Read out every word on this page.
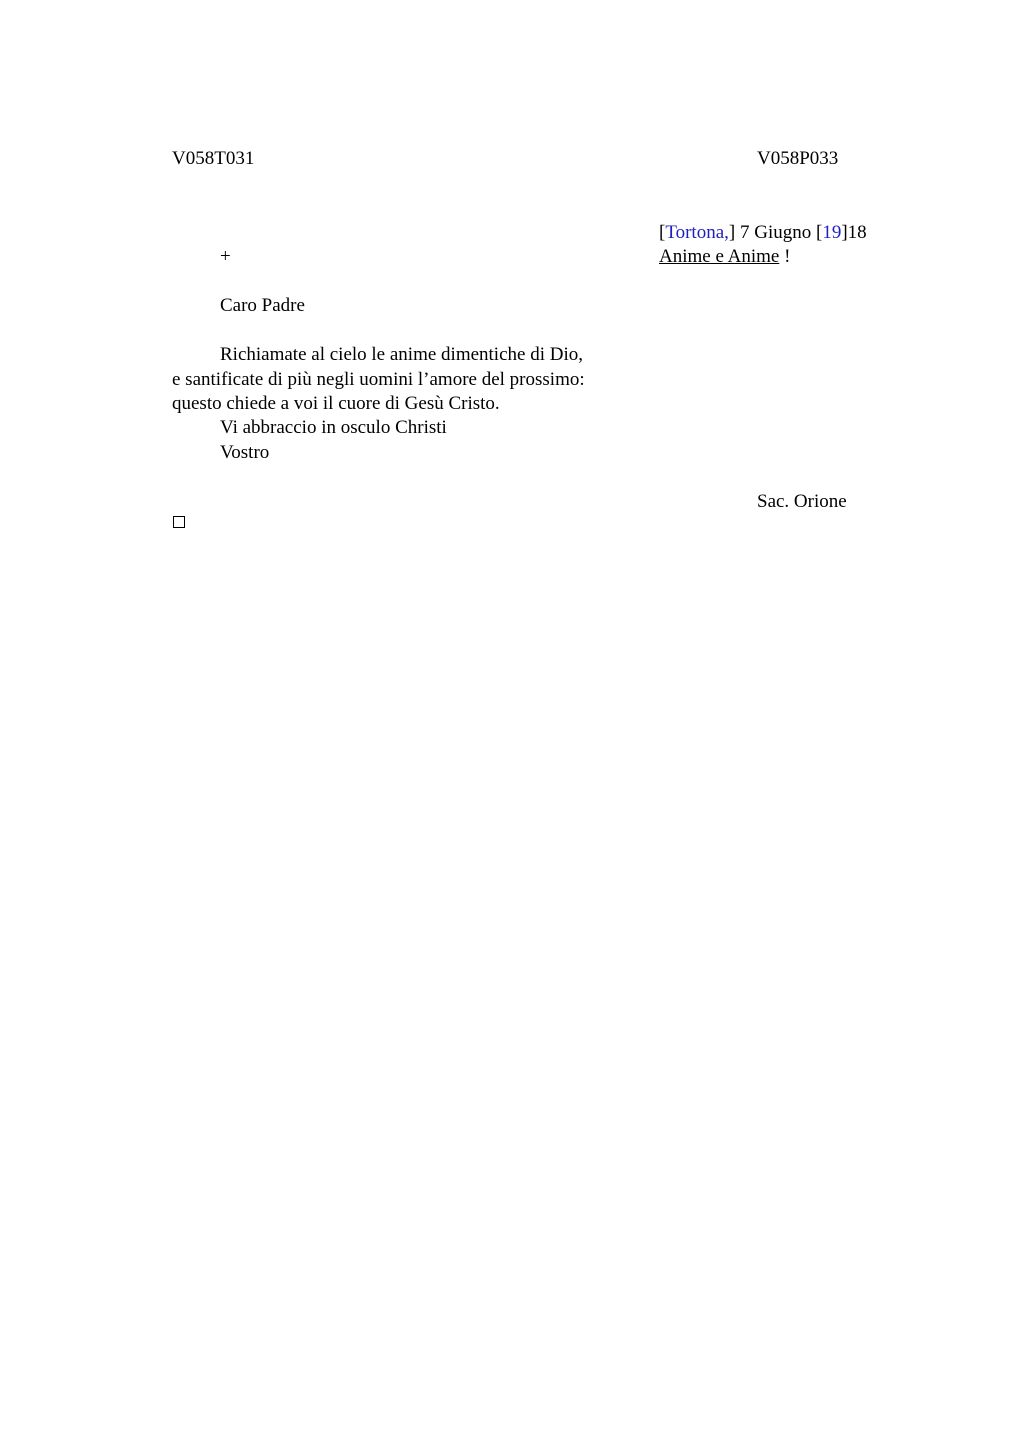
V058T031	V058P033
[Tortona,] 7 Giugno [19]18
Anime e Anime !
+
Caro Padre
Richiamate al cielo le anime dimentiche di Dio,
e santificate di più negli uomini l’amore del prossimo:
questo chiede a voi il cuore di Gesù Cristo.
Vi abbraccio in osculo Christi
Vostro
Sac. Orione
